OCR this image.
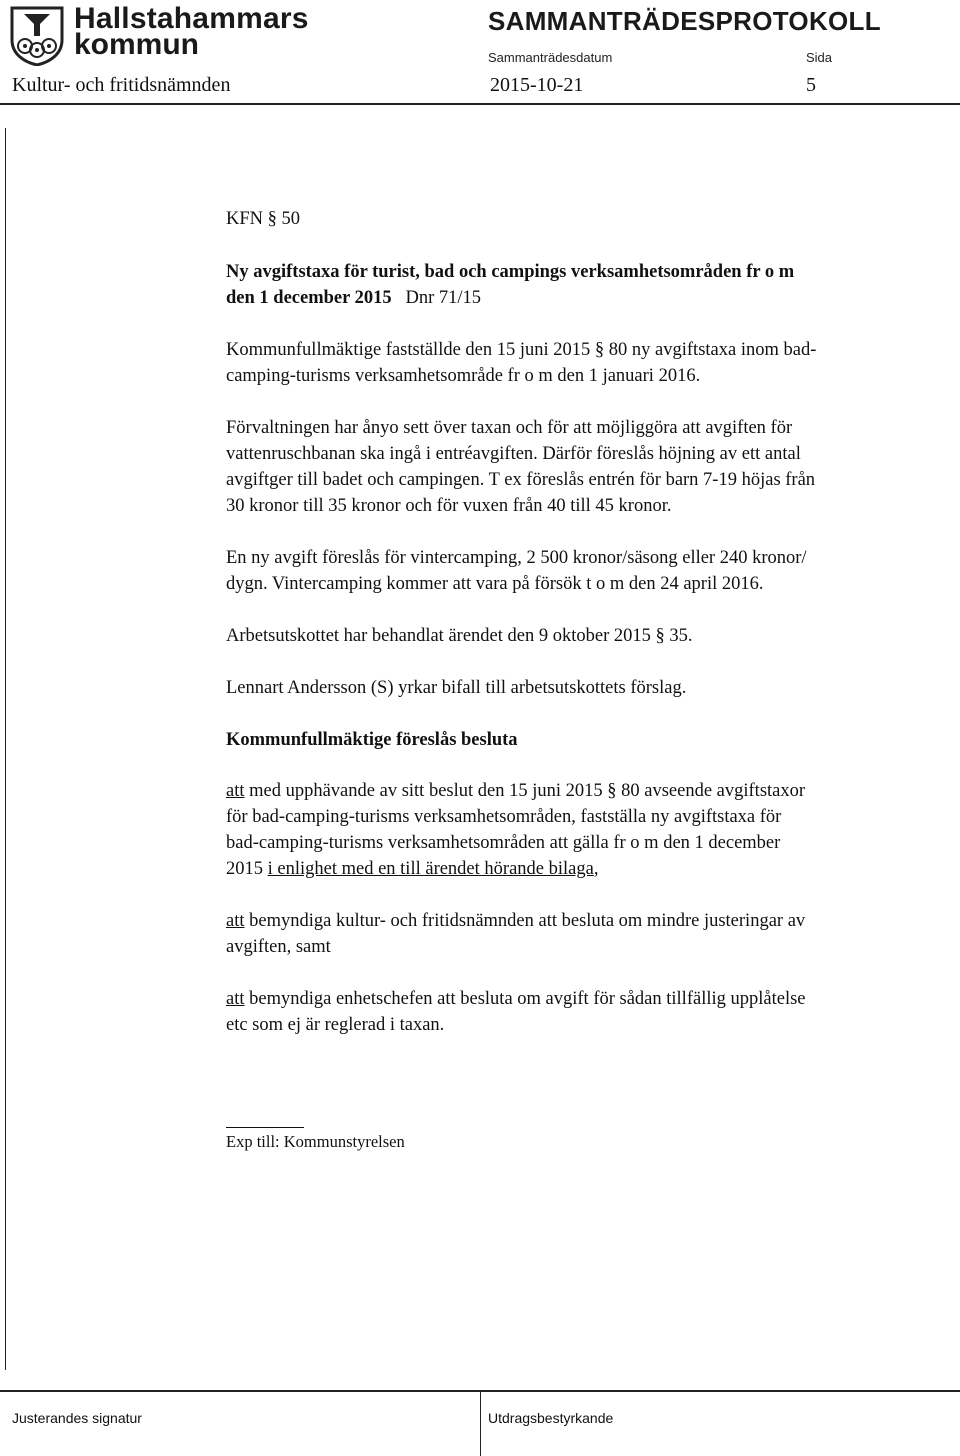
Hallstahammars
kommun
SAMMANTRÄDESPROTOKOLL
Sammanträdesdatum	Sida
Kultur- och fritidsnämnden	2015-10-21	5
KFN § 50
Ny avgiftstaxa för turist, bad och campings verksamhetsområden fr o m
den 1 december 2015 Dnr 71/15
Kommunfullmäktige fastställde den 15 juni 2015 § 80 ny avgiftstaxa inom bad-
camping-turisms verksamhetsområde fr o m den 1 januari 2016.
Förvaltningen har ånyo sett över taxan och för att möjliggöra att avgiften för
vattenruschbanan ska ingå i entréavgiften. Därför föreslås höjning av ett antal
avgiftger till badet och campingen. T ex föreslås entrén för barn 7-19 höjas från
30 kronor till 35 kronor och för vuxen från 40 till 45 kronor.
En ny avgift föreslås för vintercamping, 2 500 kronor/säsong eller 240 kronor/
dygn. Vintercamping kommer att vara på försök t o m den 24 april 2016.
Arbetsutskottet har behandlat ärendet den 9 oktober 2015 § 35.
Lennart Andersson (S) yrkar bifall till arbetsutskottets förslag.
Kommunfullmäktige föreslås besluta
att med upphävande av sitt beslut den 15 juni 2015 § 80 avseende avgiftstaxor
för bad-camping-turisms verksamhetsområden, fastställa ny avgiftstaxa för
bad-camping-turisms verksamhetsområden att gälla fr o m den 1 december
2015 i enlighet med en till ärendet hörande bilaga,
att bemyndiga kultur- och fritidsnämnden att besluta om mindre justeringar av
avgiften, samt
att bemyndiga enhetschefen att besluta om avgift för sådan tillfällig upplåtelse
etc som ej är reglerad i taxan.
Exp till: Kommunstyrelsen
Justerandes signatur	Utdragsbestyrkande
